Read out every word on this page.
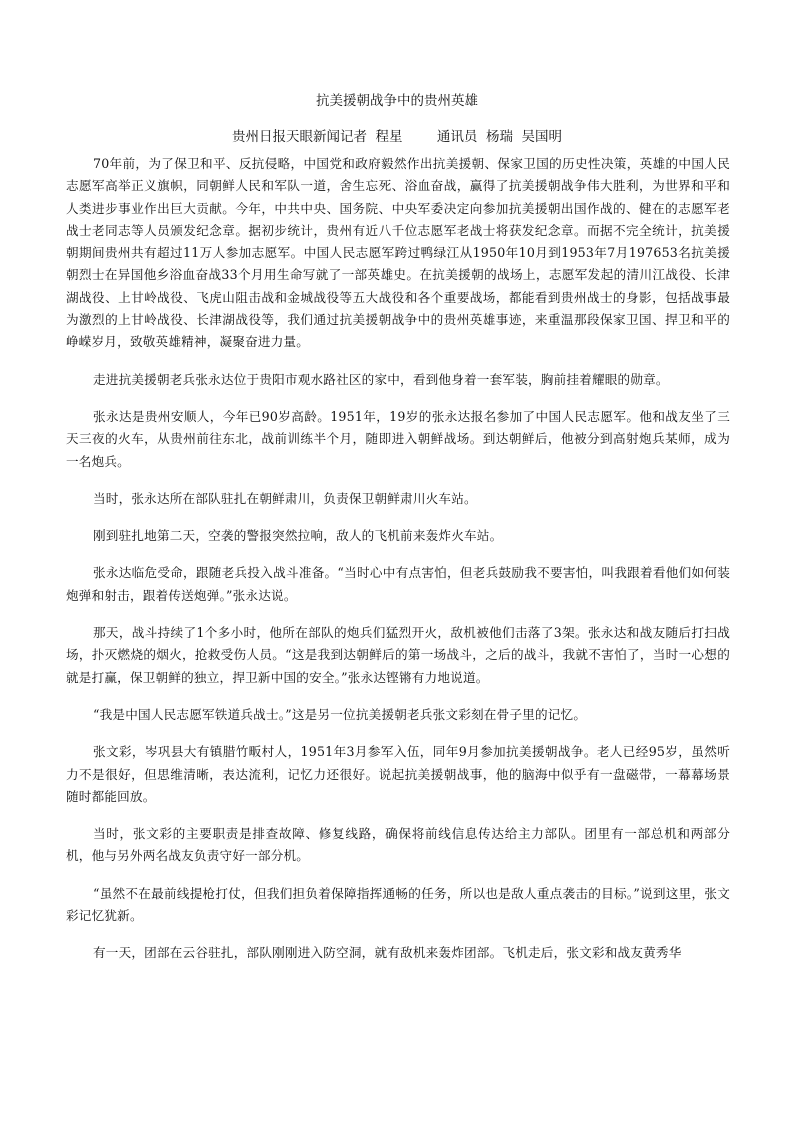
抗美援朝战争中的贵州英雄
贵州日报天眼新闻记者  程星        通讯员  杨瑞  吴国明

70年前，为了保卫和平、反抗侵略，中国党和政府毅然作出抗美援朝、保家卫国的历史性决策，英雄的中国人民志愿军高举正义旗帜，同朝鲜人民和军队一道，舍生忘死、浴血奋战，赢得了抗美援朝战争伟大胜利，为世界和平和人类进步事业作出巨大贡献。今年，中共中央、国务院、中央军委决定向参加抗美援朝出国作战的、健在的志愿军老战士老同志等人员颁发纪念章。据初步统计，贵州有近八千位志愿军老战士将获发纪念章。而据不完全统计，抗美援朝期间贵州共有超过11万人参加志愿军。中国人民志愿军跨过鸭绿江从1950年10月到1953年7月197653名抗美援朝烈士在异国他乡浴血奋战33个月用生命写就了一部英雄史。在抗美援朝的战场上，志愿军发起的清川江战役、长津湖战役、上甘岭战役、飞虎山阻击战和金城战役等五大战役和各个重要战场，都能看到贵州战士的身影，包括战事最为激烈的上甘岭战役、长津湖战役等，我们通过抗美援朝战争中的贵州英雄事迹，来重温那段保家卫国、捍卫和平的峥嵘岁月，致敬英雄精神，凝聚奋进力量。

走进抗美援朝老兵张永达位于贵阳市观水路社区的家中，看到他身着一套军装，胸前挂着耀眼的勋章。

张永达是贵州安顺人，今年已90岁高龄。1951年，19岁的张永达报名参加了中国人民志愿军。他和战友坐了三天三夜的火车，从贵州前往东北，战前训练半个月，随即进入朝鲜战场。到达朝鲜后，他被分到高射炮兵某师，成为一名炮兵。

当时，张永达所在部队驻扎在朝鲜肃川，负责保卫朝鲜肃川火车站。

刚到驻扎地第二天，空袭的警报突然拉响，敌人的飞机前来轰炸火车站。

张永达临危受命，跟随老兵投入战斗准备。“当时心中有点害怕，但老兵鼓励我不要害怕，叫我跟着看他们如何装炮弹和射击，跟着传送炮弹。”张永达说。

那天，战斗持续了1个多小时，他所在部队的炮兵们猛烈开火，敌机被他们击落了3架。张永达和战友随后打扫战场，扑灭燃烧的烟火，抢救受伤人员。“这是我到达朝鲜后的第一场战斗，之后的战斗，我就不害怕了，当时一心想的就是打赢，保卫朝鲜的独立，捍卫新中国的安全。”张永达铿锵有力地说道。

“我是中国人民志愿军铁道兵战士。”这是另一位抗美援朝老兵张文彩刻在骨子里的记忆。

张文彩，岑巩县大有镇腊竹畈村人，1951年3月参军入伍，同年9月参加抗美援朝战争。老人已经95岁，虽然听力不是很好，但思维清晰，表达流利，记忆力还很好。说起抗美援朝战事，他的脑海中似乎有一盘磁带，一幕幕场景随时都能回放。

当时，张文彩的主要职责是排查故障、修复线路，确保将前线信息传达给主力部队。团里有一部总机和两部分机，他与另外两名战友负责守好一部分机。

“虽然不在最前线提枪打仗，但我们担负着保障指挥通畅的任务，所以也是敌人重点袭击的目标。”说到这里，张文彩记忆犹新。

有一天，团部在云谷驻扎，部队刚刚进入防空洞，就有敌机来轰炸团部。飞机走后，张文彩和战友黄秀华
